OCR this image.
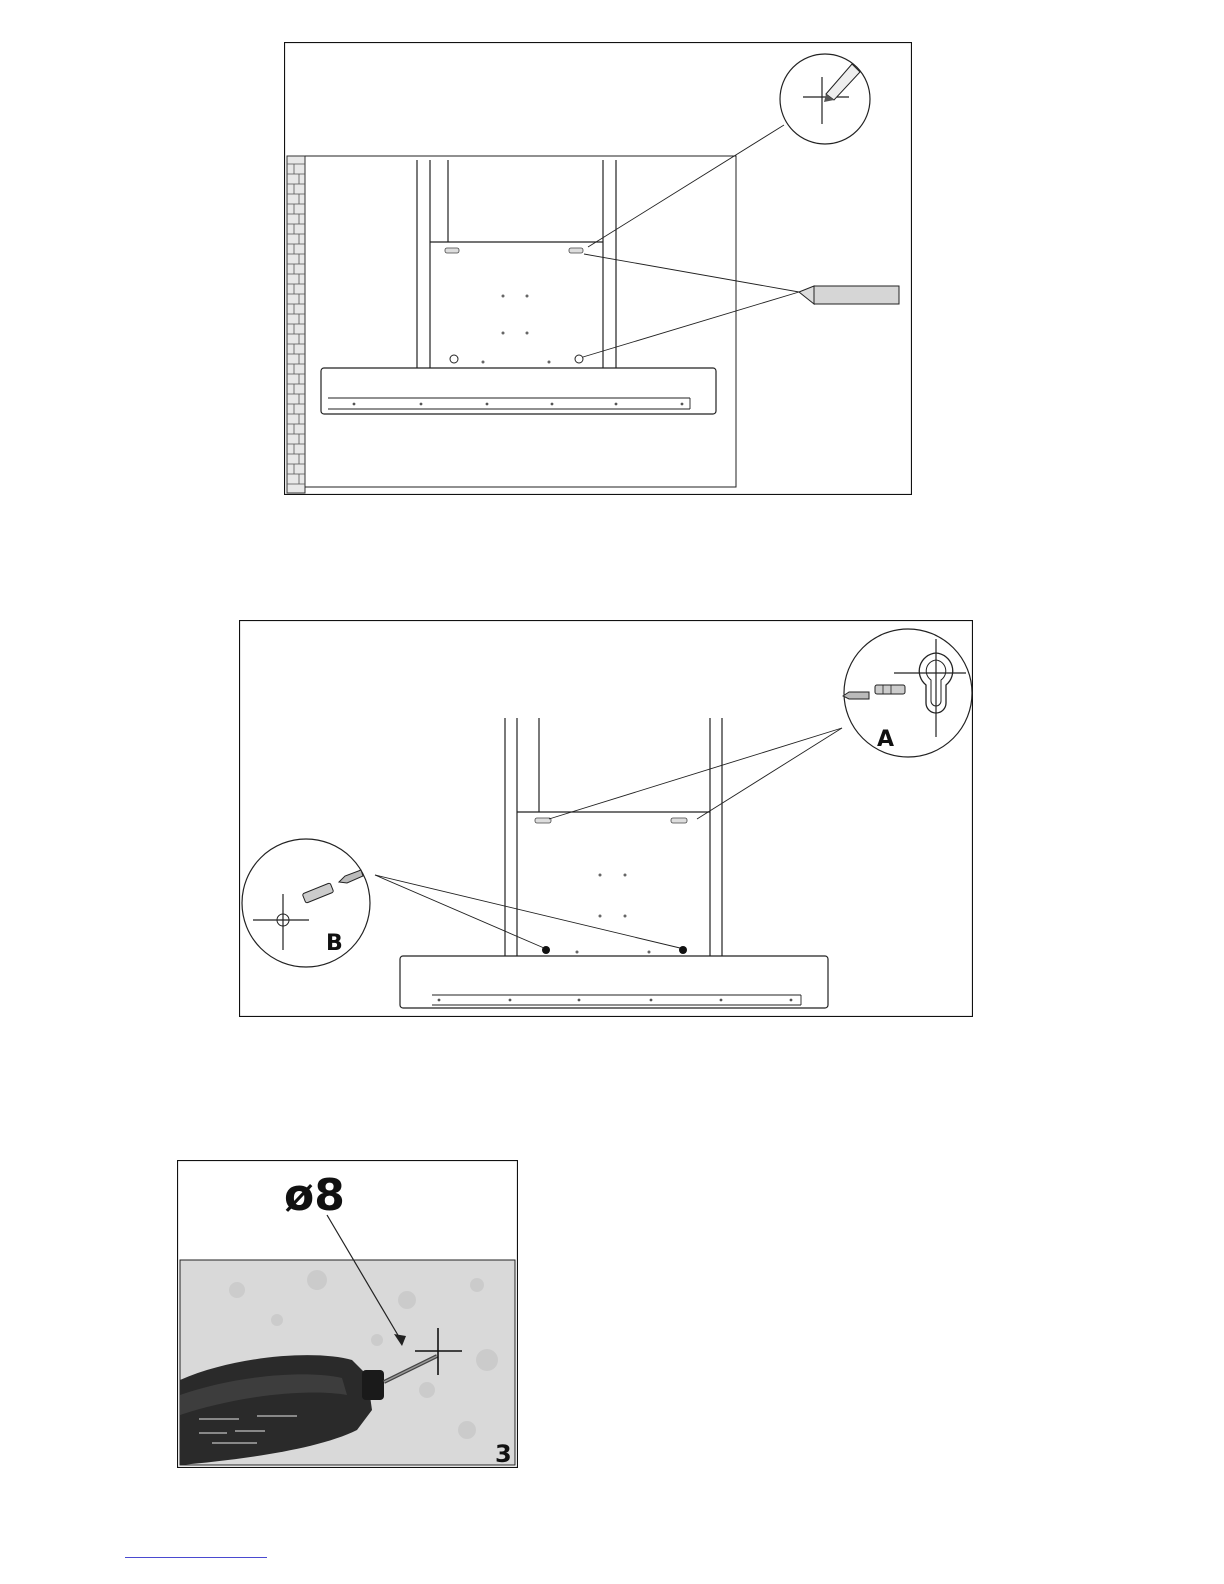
A
B
ø8
3
